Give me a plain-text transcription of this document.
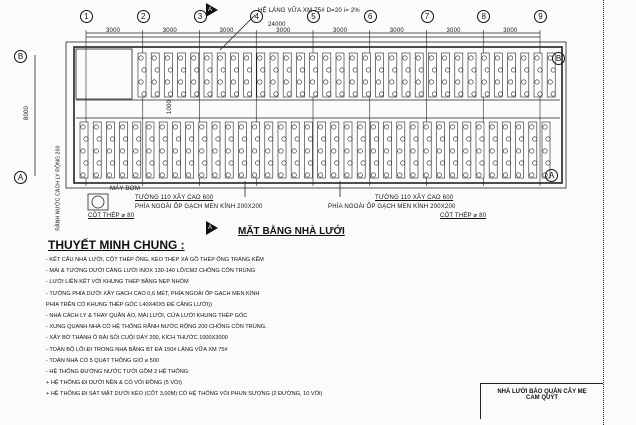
1	2	3	4	5	6	7	8	9
B	B
A	A
A
A
HỆ LÁNG VỮA XM 75# D=20 i= 2%
24000
3000	3000	3000	3000	3000	3000	3000	3000
8000	1000
RÃNH NƯỚC CÁCH LY RỘNG 200	MÁY BƠM
TƯỜNG 110 XÂY CAO 600
PHÍA NGOÀI ỐP GẠCH MEN KÍNH 200X200
TƯỜNG 110 XÂY CAO 600
PHÍA NGOÀI ỐP GẠCH MEN KÍNH 200X200
CỘT THÉP ⌀ 80	CỘT THÉP ⌀ 80
MẶT BẰNG NHÀ LƯỚI
THUYẾT MINH CHUNG :
- KẾT CẤU NHÀ LƯỚI, CỘT THÉP ỐNG, KÈO THÉP XÀ GỒ THÉP ỐNG TRÁNG KẼM
- MÁI & TƯỜNG DƯỚI CĂNG LƯỚI INOX 130-140 LỖ/CM2 CHỐNG CÔN TRÙNG
- LƯỚI LIÊN KẾT VỚI KHUNG THÉP BẰNG NẸP NHÔM
- TƯỜNG PHÍA DƯỚI XÂY GẠCH CAO 0,6 MÉT, PHÍA NGOÀI ỐP GẠCH MEN KÍNH
PHÍA TRÊN CÓ KHUNG THÉP GÓC L40X40X5 ĐỂ CĂNG LƯỚI))
- NHÀ CÁCH LY & THAY QUẦN ÁO, MÁI LƯỚI, CỬA LƯỚI KHUNG THÉP GÓC
- XUNG QUANH NHÀ CÓ HỆ THỐNG RÃNH NƯỚC RỘNG 200 CHỐNG CÔN TRÙNG.
- XÂY BỜ THÀNH Ô RẢI SỎI CUỘI DÀY 200, KÍCH THƯỚC 1000X3000
- TOÀN BỘ LỐI ĐI TRONG NHÀ BẰNG BT ĐÁ 150# LÁNG VỮA XM 75#
- TOÀN NHÀ CÓ 5 QUẠT THÔNG GIÓ ⌀ 500
- HỆ THỐNG ĐƯỜNG NƯỚC TƯỚI GỒM 2 HỆ THỐNG:
+ HỆ THỐNG ĐI DƯỚI NỀN & CÓ VÒI ĐỒNG (5 VÒI)
+ HỆ THỐNG ĐI SÁT MẶT DƯỚI KÈO (CỐT 3,00M) CÓ HỆ THỐNG VÒI PHUN SƯƠNG (2 ĐƯỜNG, 10 VÒI)	NHÀ LƯỚI BẢO QUẢN CÂY MẸ
CAM QUÝT
